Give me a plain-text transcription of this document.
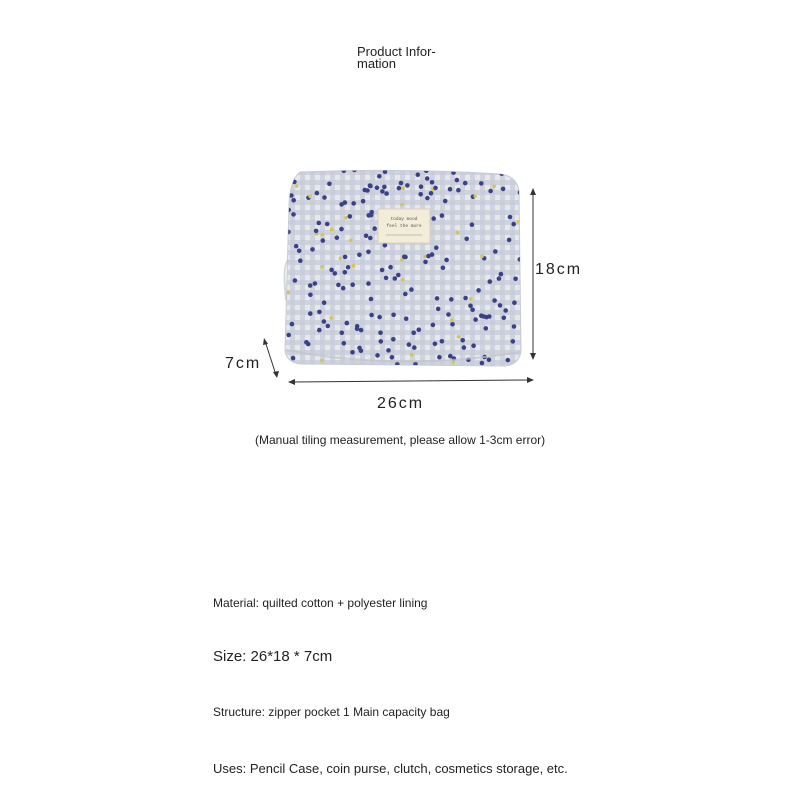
Product Infor-
mation
today mood
feel the more
18cm
26cm
7cm
(Manual tiling measurement, please allow 1-3cm error)
Material: quilted cotton + polyester lining
Size: 26*18 * 7cm
Structure: zipper pocket 1 Main capacity bag
Uses: Pencil Case, coin purse, clutch, cosmetics storage, etc.
